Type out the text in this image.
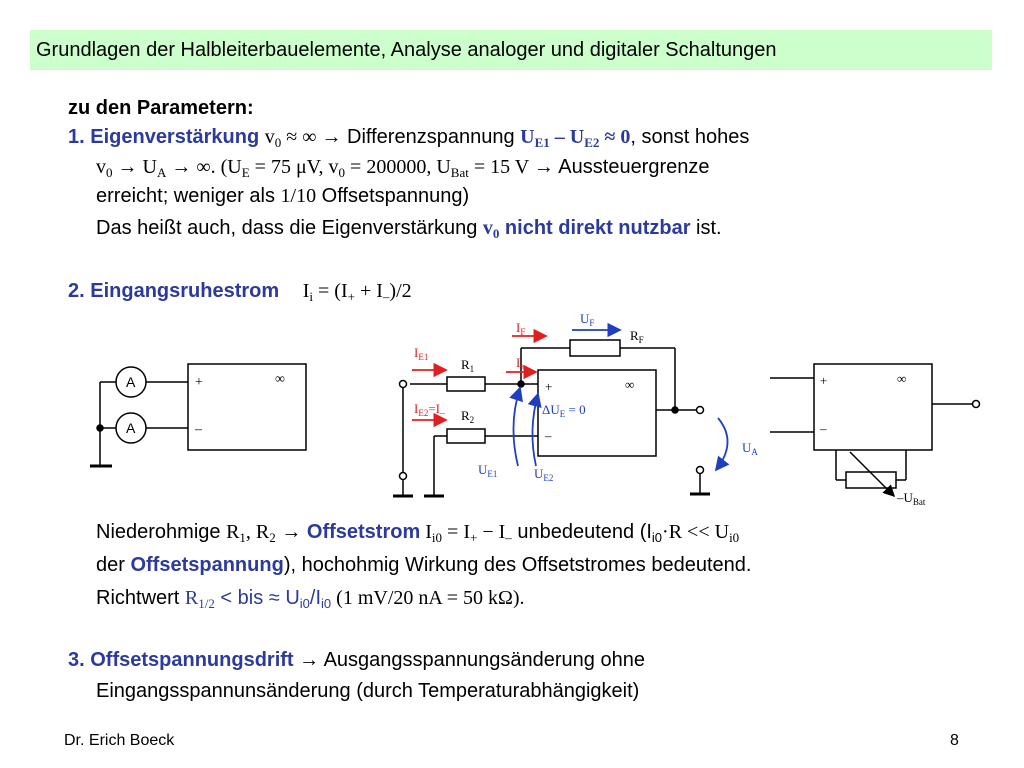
Grundlagen der Halbleiterbauelemente, Analyse analoger und digitaler Schaltungen
zu den Parametern:
1. Eigenverstärkung $v_0$ ≈ ∞ → Differenzspannung $U_{E1} - U_{E2} \approx 0$, sonst hohes
$v_0 \to U_A$ → ∞. ($U_E = 75$ μV, $v_0 = 200000$, $U_{Bat} = 15$ V → Aussteuergrenze
erreicht; weniger als 1/10 Offsetspannung)
Das heißt auch, dass die Eigenverstärkung $v_0$ nicht direkt nutzbar ist.
2. Eingangsruhestrom $I_i = (I_+ + I_-)/2$
Niederohmige $R_1$, $R_2$ → Offsetstrom $I_{i0} = I_+ - I_-$ unbedeutend ($I_{i0}\cdot R << U_{i0}$
der Offsetspannung), hochohmig Wirkung des Offsetstromes bedeutend.
Richtwert $R_{1/2}$ < bis ≈ $U_{i0}/I_{i0}$ (1 mV/20 nA = 50 kΩ).
3. Offsetspannungsdrift → Ausgangsspannungsänderung ohne
Eingangsspannunsänderung (durch Temperaturabhängigkeit)
A
A
+
–
∞
$I_F$
$I_{E1}$	$I_+$
$I_{E2}=I_-$
$U_F$
$\Delta U_E = 0$
$U_A$
$U_{E1}$	$U_{E2}$
$R_F$
$R_1$
$R_2$
+
–
∞	+
–
∞
$-U_{Bat}$
Dr. Erich Boeck	8
